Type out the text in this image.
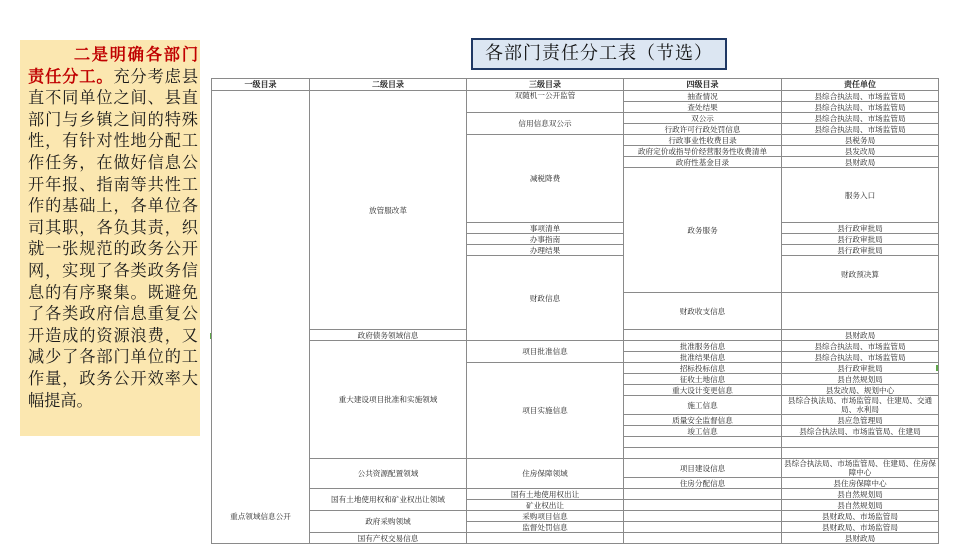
二是明确各部门责任分工。充分考虑县直不同单位之间、县直部门与乡镇之间的特殊性，有针对性地分配工作任务，在做好信息公开年报、指南等共性工作的基础上，各单位各司其职，各负其责，织就一张规范的政务公开网，实现了各类政务信息的有序聚集。既避免了各类政府信息重复公开造成的资源浪费，又减少了各部门单位的工作量，政务公开效率大幅提高。

各部门责任分工表（节选）
一级目录	二级目录	三级目录	四级目录	责任单位	
重点领域信息公开	放管服改革	双随机一公开监管	抽查情况	县综合执法局、市场监管局	
			查处结果	县综合执法局、市场监管局	
		信用信息双公示	双公示	县综合执法局、市场监管局	
			行政许可行政处罚信息	县综合执法局、市场监管局	
		减税降费	行政事业性收费目录	县税务局	
			政府定价或指导价经营服务性收费清单	县发改局	
			政府性基金目录	县财政局	
			政务服务	服务入口	
		事项清单		县行政审批局	
		办事指南		县行政审批局	
		办理结果		县行政审批局	
		财政信息		财政预决算		
			财政收支信息		
	政府债务领域信息			县财政局	
	重大建设项目批准和实施领域	项目批准信息	批准服务信息	县综合执法局、市场监管局	
			批准结果信息	县综合执法局、市场监管局	
		项目实施信息	招标投标信息	县行政审批局	
			征收土地信息	县自然规划局	
			重大设计变更信息	县发改局、规划中心	
			施工信息	县综合执法局、市场监管局、住建局、交通局、水利局	
			质量安全监督信息	县应急管理局	
			竣工信息	县综合执法局、市场监管局、住建局	

	公共资源配置领域	住房保障领域	项目建设信息	县综合执法局、市场监管局、住建局、住房保障中心	
			住房分配信息	县住房保障中心	
	国有土地使用权和矿业权出让领域	国有土地使用权出让		县自然规划局	
		矿业权出让		县自然规划局	
	政府采购领域	采购项目信息		县财政局、市场监管局	
		监督处罚信息		县财政局、市场监管局	
	国有产权交易信息			县财政局	
